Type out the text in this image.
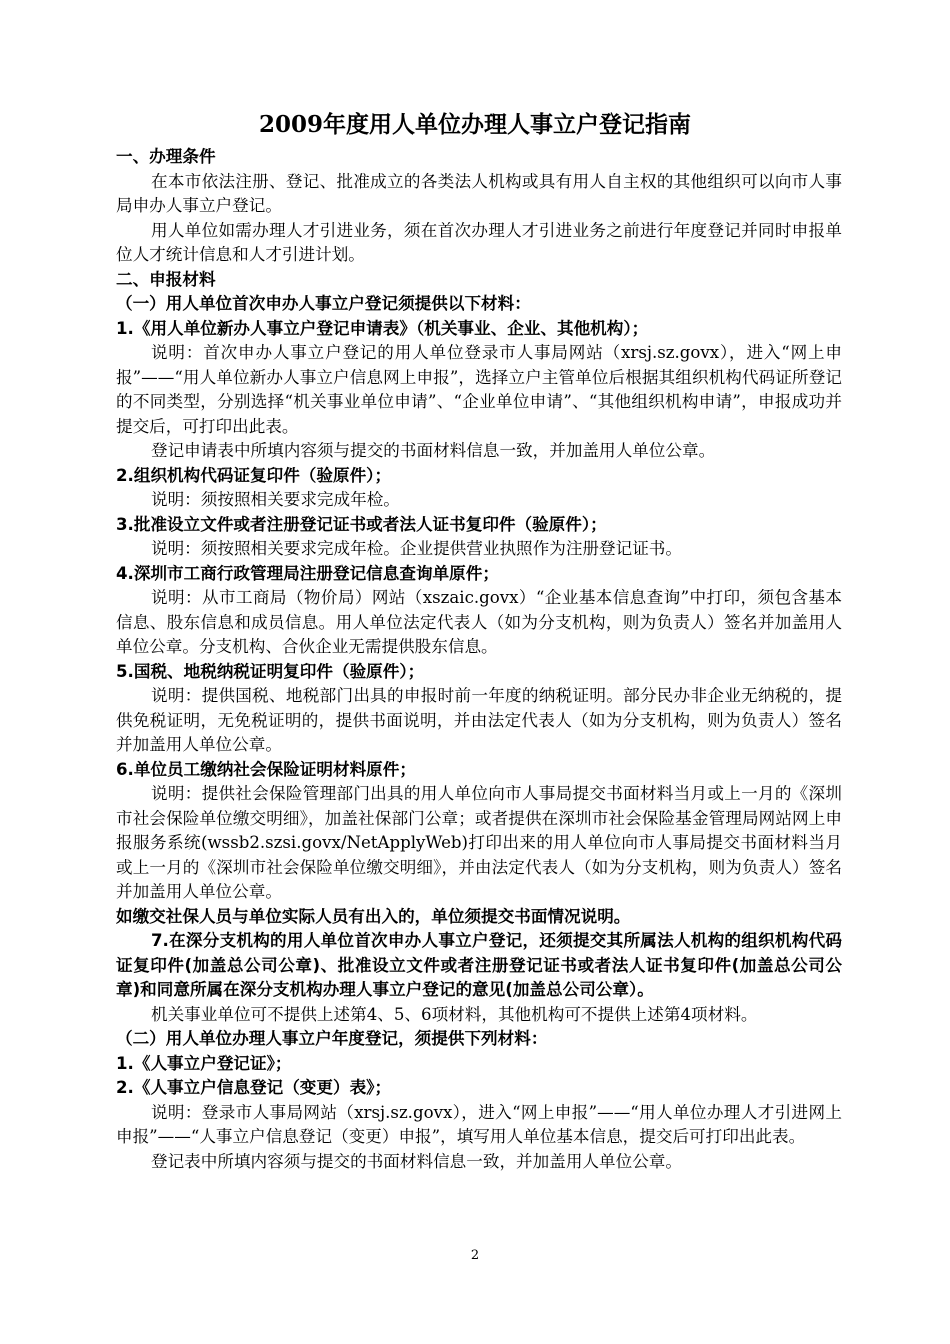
2009年度用人单位办理人事立户登记指南

一、办理条件

在本市依法注册、登记、批准成立的各类法人机构或具有用人自主权的其他组织可以向市人事局申办人事立户登记。

用人单位如需办理人才引进业务，须在首次办理人才引进业务之前进行年度登记并同时申报单位人才统计信息和人才引进计划。

二、申报材料

（一）用人单位首次申办人事立户登记须提供以下材料：

1.《用人单位新办人事立户登记申请表》（机关事业、企业、其他机构）；

说明：首次申办人事立户登记的用人单位登录市人事局网站（xrsj.sz.govx），进入“网上申报”——“用人单位新办人事立户信息网上申报”，选择立户主管单位后根据其组织机构代码证所登记的不同类型，分别选择“机关事业单位申请”、“企业单位申请”、“其他组织机构申请”，申报成功并提交后，可打印出此表。

登记申请表中所填内容须与提交的书面材料信息一致，并加盖用人单位公章。

2.组织机构代码证复印件（验原件）；

说明：须按照相关要求完成年检。

3.批准设立文件或者注册登记证书或者法人证书复印件（验原件）；

说明：须按照相关要求完成年检。企业提供营业执照作为注册登记证书。

4.深圳市工商行政管理局注册登记信息查询单原件；

说明：从市工商局（物价局）网站（xszaic.govx）“企业基本信息查询”中打印，须包含基本信息、股东信息和成员信息。用人单位法定代表人（如为分支机构，则为负责人）签名并加盖用人单位公章。分支机构、合伙企业无需提供股东信息。

5.国税、地税纳税证明复印件（验原件）；

说明：提供国税、地税部门出具的申报时前一年度的纳税证明。部分民办非企业无纳税的，提供免税证明，无免税证明的，提供书面说明，并由法定代表人（如为分支机构，则为负责人）签名并加盖用人单位公章。

6.单位员工缴纳社会保险证明材料原件；

说明：提供社会保险管理部门出具的用人单位向市人事局提交书面材料当月或上一月的《深圳市社会保险单位缴交明细》，加盖社保部门公章；或者提供在深圳市社会保险基金管理局网站网上申报服务系统(wssb2.szsi.govx/NetApplyWeb)打印出来的用人单位向市人事局提交书面材料当月或上一月的《深圳市社会保险单位缴交明细》，并由法定代表人（如为分支机构，则为负责人）签名并加盖用人单位公章。

如缴交社保人员与单位实际人员有出入的，单位须提交书面情况说明。

7.在深分支机构的用人单位首次申办人事立户登记，还须提交其所属法人机构的组织机构代码证复印件(加盖总公司公章)、批准设立文件或者注册登记证书或者法人证书复印件(加盖总公司公章)和同意所属在深分支机构办理人事立户登记的意见(加盖总公司公章）。

机关事业单位可不提供上述第4、5、6项材料，其他机构可不提供上述第4项材料。

（二）用人单位办理人事立户年度登记，须提供下列材料：

1.《人事立户登记证》；

2.《人事立户信息登记（变更）表》；

说明：登录市人事局网站（xrsj.sz.govx），进入“网上申报”——“用人单位办理人才引进网上申报”——“人事立户信息登记（变更）申报”，填写用人单位基本信息，提交后可打印出此表。

登记表中所填内容须与提交的书面材料信息一致，并加盖用人单位公章。

2
